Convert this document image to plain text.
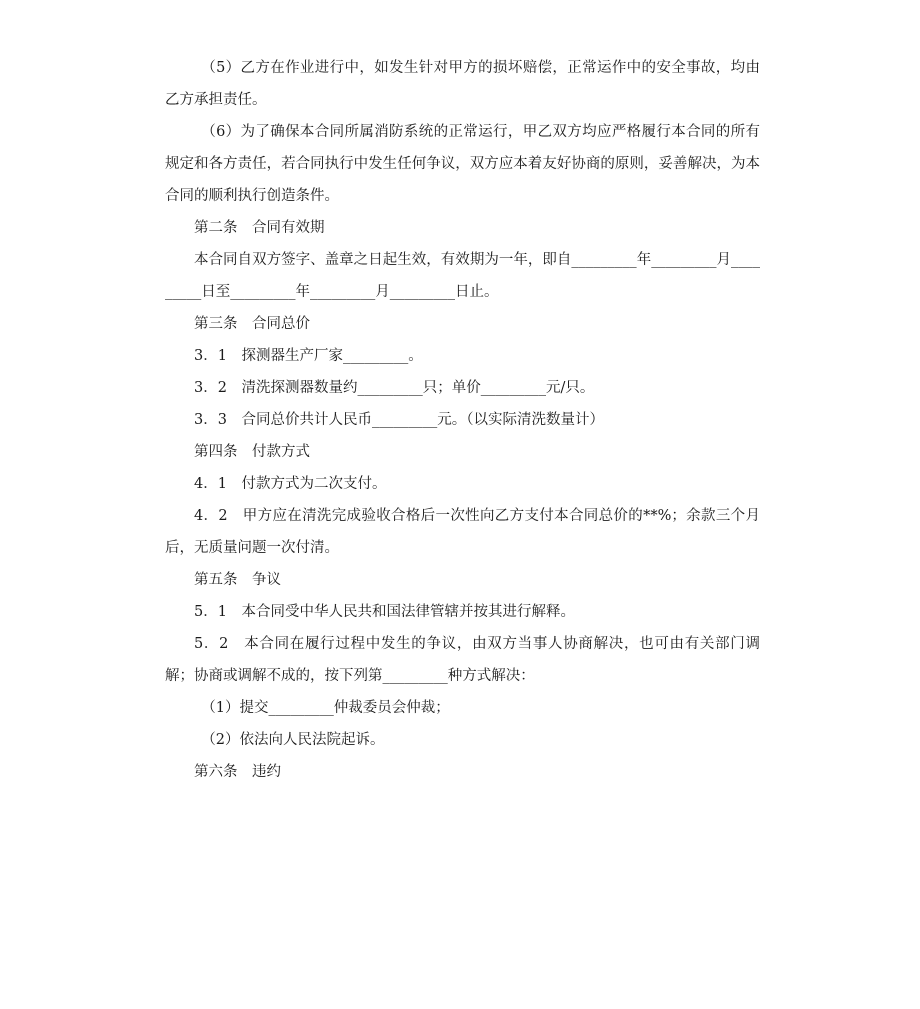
（5）乙方在作业进行中，如发生针对甲方的损坏赔偿，正常运作中的安全事故，均由乙方承担责任。

（6）为了确保本合同所属消防系统的正常运行，甲乙双方均应严格履行本合同的所有规定和各方责任，若合同执行中发生任何争议，双方应本着友好协商的原则，妥善解决，为本合同的顺利执行创造条件。

第二条　合同有效期

本合同自双方签字、盖章之日起生效，有效期为一年，即自_________年_________月_________日至_________年_________月_________日止。

第三条　合同总价

3．1　探测器生产厂家_________。

3．2　清洗探测器数量约_________只；单价_________元/只。

3．3　合同总价共计人民币_________元。（以实际清洗数量计）

第四条　付款方式

4．1　付款方式为二次支付。

4．2　甲方应在清洗完成验收合格后一次性向乙方支付本合同总价的**%；余款三个月后，无质量问题一次付清。

第五条　争议

5．1　本合同受中华人民共和国法律管辖并按其进行解释。

5．2　本合同在履行过程中发生的争议，由双方当事人协商解决，也可由有关部门调解；协商或调解不成的，按下列第_________种方式解决：

（1）提交_________仲裁委员会仲裁；

（2）依法向人民法院起诉。

第六条　违约
